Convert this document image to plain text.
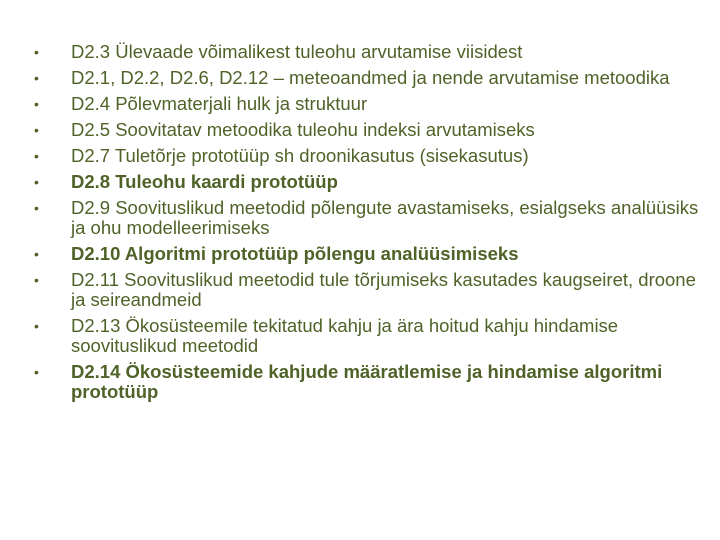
•	D2.3 Ülevaade võimalikest tuleohu arvutamise viisidest
•	D2.1, D2.2, D2.6, D2.12 – meteoandmed ja nende arvutamise metoodika
•	D2.4 Põlevmaterjali hulk ja struktuur
•	D2.5 Soovitatav metoodika tuleohu indeksi arvutamiseks
•	D2.7 Tuletõrje prototüüp sh droonikasutus (sisekasutus)
•	D2.8 Tuleohu kaardi prototüüp
•	D2.9 Soovituslikud meetodid põlengute avastamiseks, esialgseks analüüsiks ja ohu modelleerimiseks
•	D2.10 Algoritmi prototüüp põlengu analüüsimiseks
•	D2.11 Soovituslikud meetodid tule tõrjumiseks kasutades kaugseiret, droone ja seireandmeid
•	D2.13 Ökosüsteemile tekitatud kahju ja ära hoitud kahju hindamise soovituslikud meetodid
•	D2.14 Ökosüsteemide kahjude määratlemise ja hindamise algoritmi prototüüp
